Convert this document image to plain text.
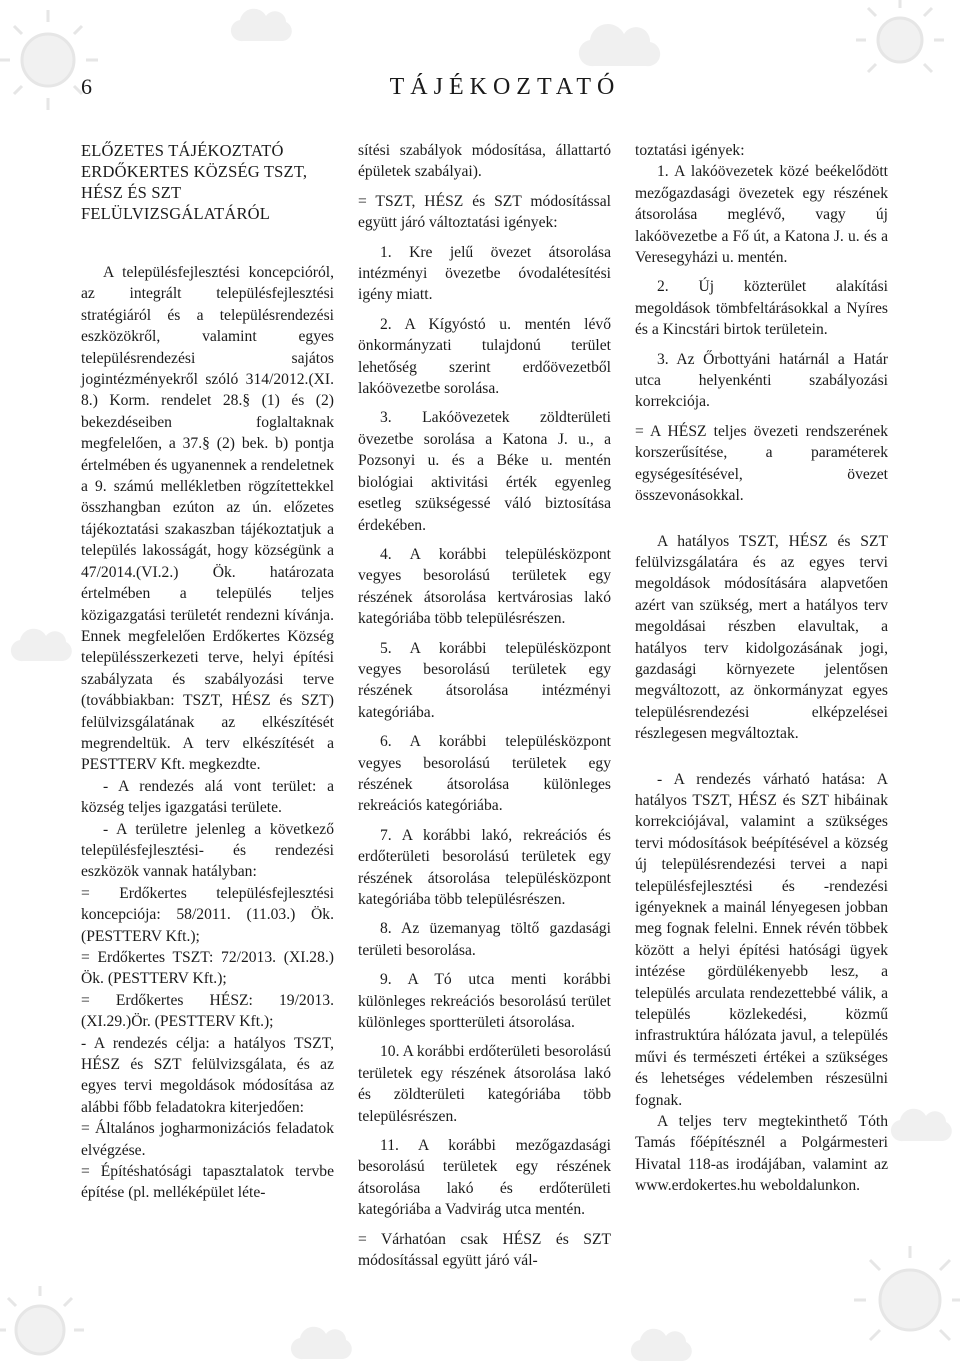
6	TÁJÉKOZTATÓ

ELŐZETES TÁJÉKOZTATÓ ERDŐKERTES KÖZSÉG TSZT, HÉSZ ÉS SZT FELÜLVIZSGÁLATÁRÓL

A településfejlesztési koncepcióról, az integrált településfejlesztési stratégiáról és a településrendezési eszközökről, valamint egyes településrendezési sajátos jogintézményekről szóló 314/2012.(XI. 8.) Korm. rendelet 28.§ (1) és (2) bekezdéseiben foglaltaknak megfelelően, a 37.§ (2) bek. b) pontja értelmében és ugyanennek a rendeletnek a 9. számú mellékletben rögzítettekkel összhangban ezúton az ún. előzetes tájékoztatási szakaszban tájékoztatjuk a település lakosságát, hogy községünk a 47/2014.(VI.2.) Ök. határozata értelmében a település teljes közigazgatási területét rendezni kívánja. Ennek megfelelően Erdőkertes Község településszerkezeti terve, helyi építési szabályzata és szabályozási terve (továbbiakban: TSZT, HÉSZ és SZT) felülvizsgálatának az elkészítését megrendeltük. A terv elkészítését a PESTTERV Kft. megkezdte.

- A rendezés alá vont terület: a község teljes igazgatási területe.

- A területre jelenleg a következő településfejlesztési- és rendezési eszközök vannak hatályban:

= Erdőkertes településfejlesztési koncepciója: 58/2011. (11.03.) Ök. (PESTTERV Kft.);

= Erdőkertes TSZT: 72/2013. (XI.28.) Ök. (PESTTERV Kft.);

= Erdőkertes HÉSZ: 19/2013. (XI.29.)Ör. (PESTTERV Kft.);

- A rendezés célja: a hatályos TSZT, HÉSZ és SZT felülvizsgálata, és az egyes tervi megoldások módosítása az alábbi főbb feladatokra kiterjedően:

= Általános jogharmonizációs feladatok elvégzése.

= Építéshatósági tapasztalatok tervbe építése (pl. melléképület léte-

sítési szabályok módosítása, állattartó épületek szabályai).

= TSZT, HÉSZ és SZT módosítással együtt járó változtatási igények:

1. Kre jelű övezet átsorolása intézményi övezetbe óvodalétesítési igény miatt.

2. A Kígyóstó u. mentén lévő önkormányzati tulajdonú terület lehetőség szerint erdőövezetből lakóövezetbe sorolása.

3. Lakóövezetek zöldterületi övezetbe sorolása a Katona J. u., a Pozsonyi u. és a Béke u. mentén biológiai aktivitási érték egyenleg esetleg szükségessé váló biztosítása érdekében.

4. A korábbi településközpont vegyes besorolású területek egy részének átsorolása kertvárosias lakó kategóriába több településrészen.

5. A korábbi településközpont vegyes besorolású területek egy részének átsorolása intézményi kategóriába.

6. A korábbi településközpont vegyes besorolású területek egy részének átsorolása különleges rekreációs kategóriába.

7. A korábbi lakó, rekreációs és erdőterületi besorolású területek egy részének átsorolása településközpont kategóriába több településrészen.

8. Az üzemanyag töltő gazdasági területi besorolása.

9. A Tó utca menti korábbi különleges rekreációs besorolású terület különleges sportterületi átsorolása.

10. A korábbi erdőterületi besorolású területek egy részének átsorolása lakó és zöldterületi kategóriába több településrészen.

11. A korábbi mezőgazdasági besorolású területek egy részének átsorolása lakó és erdőterületi kategóriába a Vadvirág utca mentén.

= Várhatóan csak HÉSZ és SZT módosítással együtt járó vál-

toztatási igények:

1. A lakóövezetek közé beékelődött mezőgazdasági övezetek egy részének átsorolása meglévő, vagy új lakóövezetbe a Fő út, a Katona J. u. és a Veresegyházi u. mentén.

2. Új közterület alakítási megoldások tömbfeltárásokkal a Nyíres és a Kincstári birtok területein.

3. Az Őrbottyáni határnál a Határ utca helyenkénti szabályozási korrekciója.

= A HÉSZ teljes övezeti rendszerének korszerűsítése, a paraméterek egységesítésével, övezet összevonásokkal.

A hatályos TSZT, HÉSZ és SZT felülvizsgálatára és az egyes tervi megoldások módosítására alapvetően azért van szükség, mert a hatályos terv megoldásai részben elavultak, a hatályos terv kidolgozásának jogi, gazdasági környezete jelentősen megváltozott, az önkormányzat egyes településrendezési elképzelései részlegesen megváltoztak.

- A rendezés várható hatása: A hatályos TSZT, HÉSZ és SZT hibáinak korrekciójával, valamint a szükséges tervi módosítások beépítésével a község új településrendezési tervei a napi településfejlesztési és -rendezési igényeknek a mainál lényegesen jobban meg fognak felelni. Ennek révén többek között a helyi építési hatósági ügyek intézése gördülékenyebb lesz, a település arculata rendezettebbé válik, a település közlekedési, közmű infrastruktúra hálózata javul, a település művi és természeti értékei a szükséges és lehetséges védelemben részesülni fognak.

A teljes terv megtekinthető Tóth Tamás főépítésznél a Polgármesteri Hivatal 118-as irodájában, valamint az www.erdokertes.hu weboldalunkon.
